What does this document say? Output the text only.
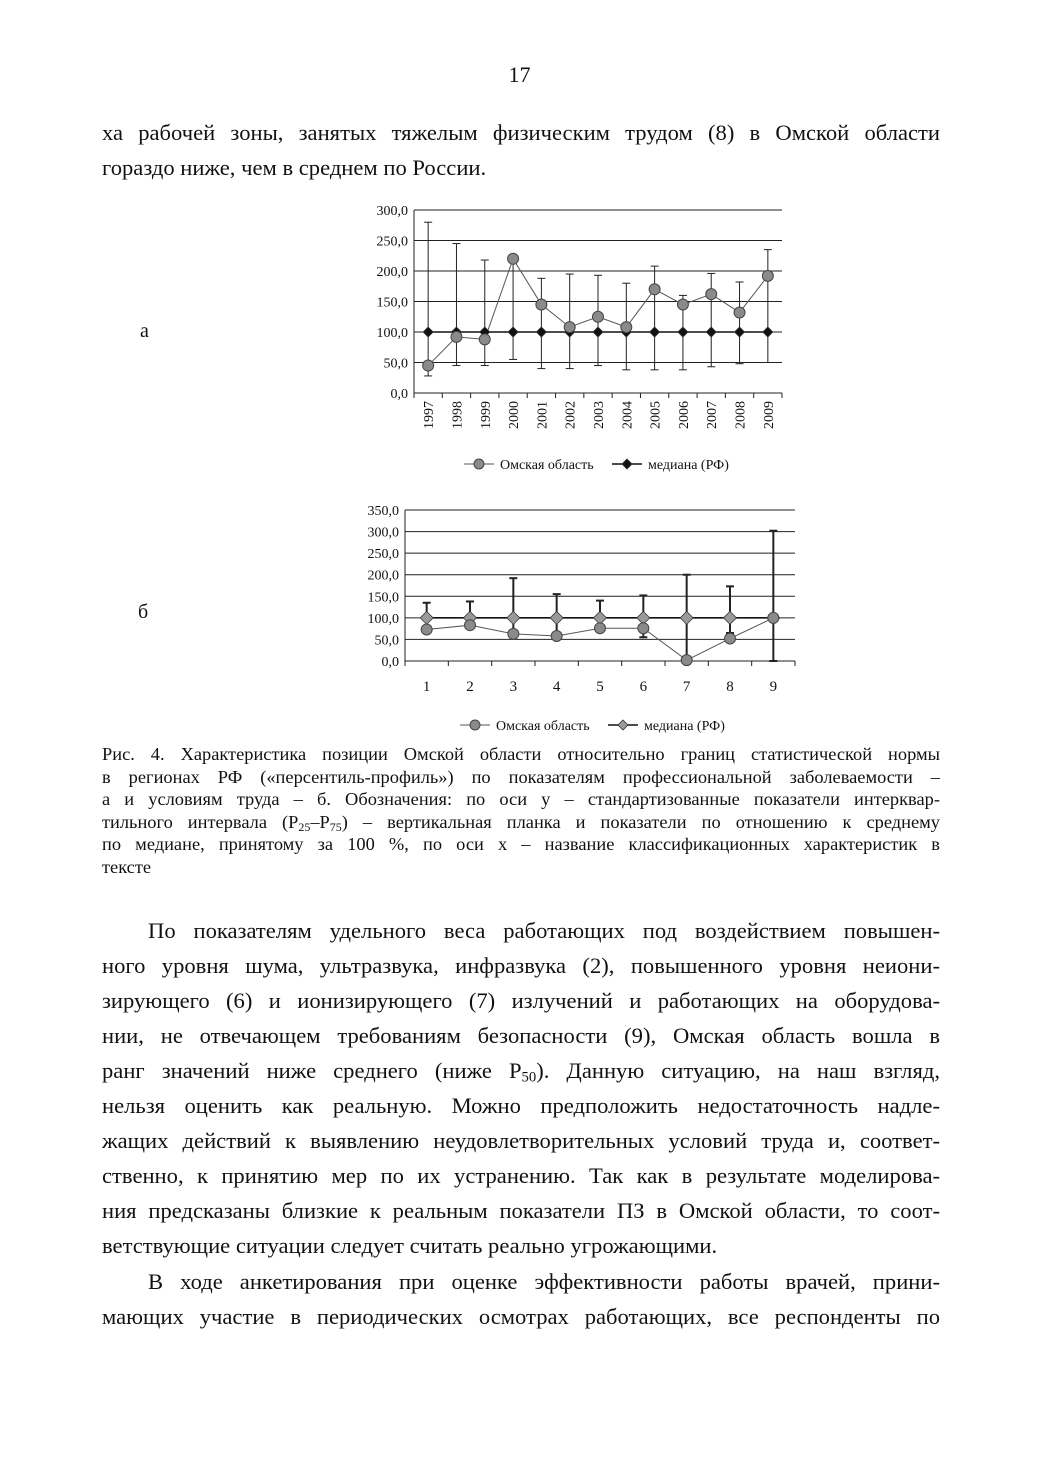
17
ха рабочей зоны, занятых тяжелым физическим трудом (8) в Омской области
гораздо ниже, чем в среднем по России.
а
б
0,0
50,0
100,0
150,0
200,0
250,0
300,0
1997 1998 1999 2000 2001 2002 2003 2004 2005 2006 2007 2008 2009
Омская область	медиана (РФ)
0,0
50,0
100,0
150,0
200,0
250,0
300,0
350,0
1 2 3 4 5 6 7 8 9
Омская область	медиана (РФ)
Рис. 4. Характеристика позиции Омской области относительно границ статистической нормы
в регионах РФ («персентиль-профиль») по показателям профессиональной заболеваемости –
а и условиям труда – б. Обозначения: по оси у – стандартизованные показатели интерквар-
тильного интервала $(P_{25}-P_{75})$ – вертикальная планка и показатели по отношению к среднему
по медиане, принятому за 100 %, по оси х – название классификационных характеристик в
тексте
По показателям удельного веса работающих под воздействием повышен-
ного уровня шума, ультразвука, инфразвука (2), повышенного уровня неиони-
зирующего (6) и ионизирующего (7) излучений и работающих на оборудова-
нии, не отвечающем требованиям безопасности (9), Омская область вошла в
ранг значений ниже среднего (ниже $P_{50}$). Данную ситуацию, на наш взгляд,
нельзя оценить как реальную. Можно предположить недостаточность надле-
жащих действий к выявлению неудовлетворительных условий труда и, соответ-
ственно, к принятию мер по их устранению. Так как в результате моделирова-
ния предсказаны близкие к реальным показатели ПЗ в Омской области, то соот-
ветствующие ситуации следует считать реально угрожающими.
В ходе анкетирования при оценке эффективности работы врачей, прини-
мающих участие в периодических осмотрах работающих, все респонденты по
